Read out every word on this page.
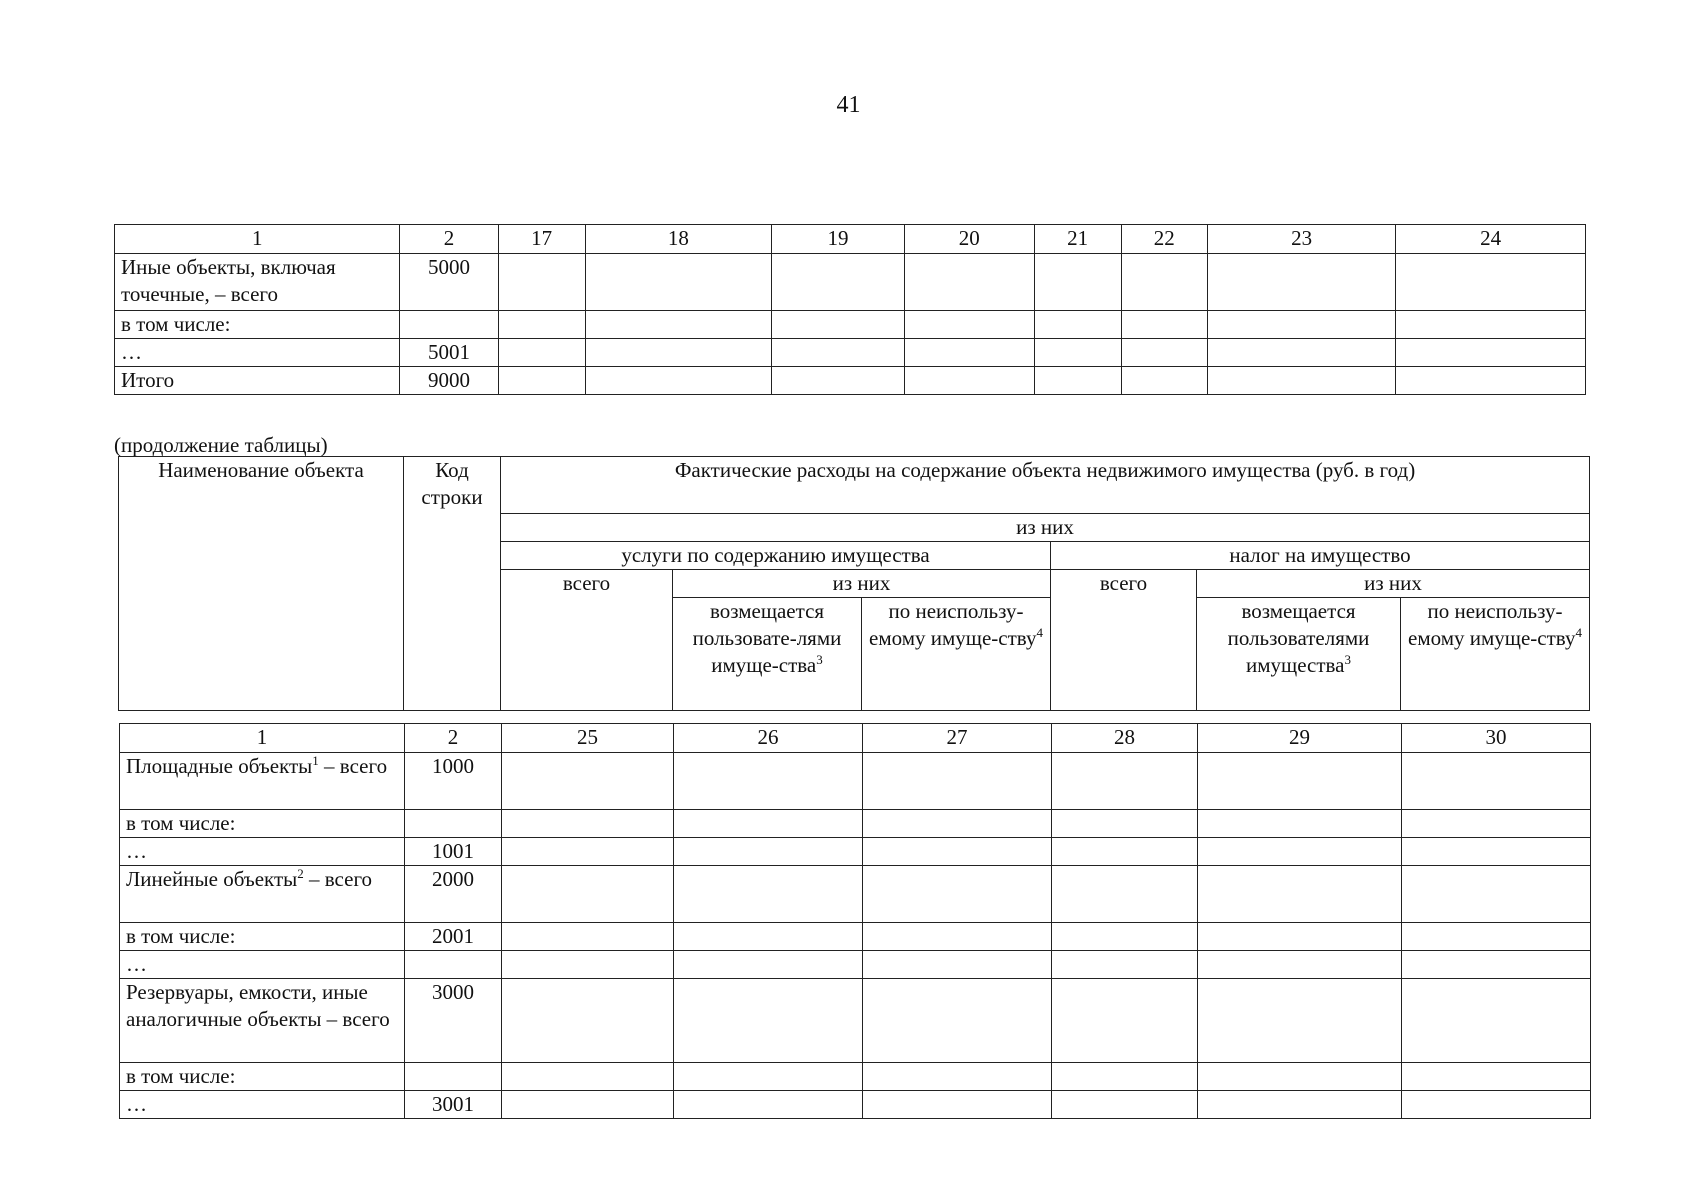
41
1	2	17	18	19	20	21	22	23	24
Иные объекты, включая точечные, – всего	5000								
в том числе:									
…	5001								
Итого	9000								
(продолжение таблицы)
Наименование объекта	Код строки	Фактические расходы на содержание объекта недвижимого имущества (руб. в год)					
		из них					
		услуги по содержанию имущества			налог на имущество		
		всего	из них		всего	из них	
			возмещается пользовате-лями имуще-ства$^3$	по неиспользу-емому имуще-ству$^4$		возмещается пользователями имущества$^3$	по неиспользу-емому имуще-ству$^4$
1	2	25	26	27	28	29	30
Площадные объекты$^1$ – всего	1000						
в том числе:							
…	1001						
Линейные объекты$^2$ – всего	2000						
в том числе:	2001						
…							
Резервуары, емкости, иные аналогичные объекты – всего	3000						
в том числе:							
…	3001						
